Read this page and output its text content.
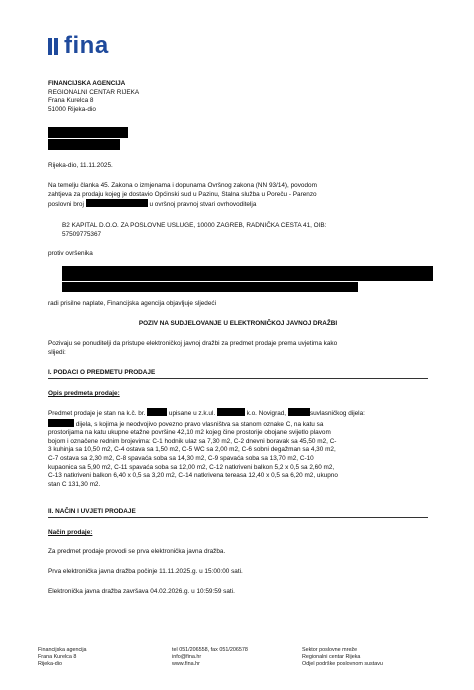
fina
FINANCIJSKA AGENCIJA
REGIONALNI CENTAR RIJEKA
Frana Kurelca 8
51000 Rijeka-dio
Rijeka-dio, 11.11.2025.
Na temelju članka 45. Zakona o izmjenama i dopunama Ovršnog zakona (NN 93/14), povodom
zahtjeva za prodaju kojeg je dostavio Općinski sud u Pazinu, Stalna služba u Poreču - Parenzo
poslovni broj	u ovršnoj pravnoj stvari ovrhovoditelja
B2 KAPITAL D.O.O. ZA POSLOVNE USLUGE, 10000 ZAGREB, RADNIČKA CESTA 41, OIB:
57509775367
protiv ovršenika
radi prisilne naplate, Financijska agencija objavljuje sljedeći
POZIV NA SUDJELOVANJE U ELEKTRONIČKOJ JAVNOJ DRAŽBI
Pozivaju se ponuditelji da pristupe elektroničkoj javnoj dražbi za predmet prodaje prema uvjetima kako
slijedi:
I. PODACI O PREDMETU PRODAJE
Opis predmeta prodaje:
Predmet prodaje je stan na k.č. br.	upisane u z.k.ul.	k.o. Novigrad,	suvlasničkog dijela:
dijela, s kojima je neodvojivo povezno pravo vlasništva sa stanom oznake C, na katu sa
prostorijama na katu ukupne etažne površine 42,10 m2 kojeg čine prostorije obojane svijetlo plavom
bojom i označene rednim brojevima: C-1 hodnik ulaz sa 7,30 m2, C-2 dnevni boravak sa 45,50 m2, C-
3 kuhinja sa 10,50 m2, C-4 ostava sa 1,50 m2, C-5 WC sa 2,00 m2, C-6 sobni degažman sa 4,30 m2,
C-7 ostava sa 2,30 m2, C-8 spavaća soba sa 14,30 m2, C-9 spavaća soba sa 13,70 m2, C-10
kupaonica sa 5,90 m2, C-11 spavaća soba sa 12,00 m2, C-12 natkriveni balkon 5,2 x 0,5 sa 2,60 m2,
C-13 natkriveni balkon 6,40 x 0,5 sa 3,20 m2, C-14 natkrivena tereasa 12,40 x 0,5 sa 6,20 m2, ukupno
stan C 131,30 m2.
II. NAČIN I UVJETI PRODAJE
Način prodaje:
Za predmet prodaje provodi se prva elektronička javna dražba.
Prva elektronička javna dražba počinje 11.11.2025.g. u 15:00:00 sati.
Elektronička javna dražba završava 04.02.2026.g. u 10:59:59 sati.
Financijska agencija
Frana Kurelca 8
Rijeka-dio
tel 051/206558, fax 051/206578
info@fina.hr
www.fina.hr
Sektor poslovne mreže
Regionalni centar Rijeka
Odjel podrške poslovnom sustavu
